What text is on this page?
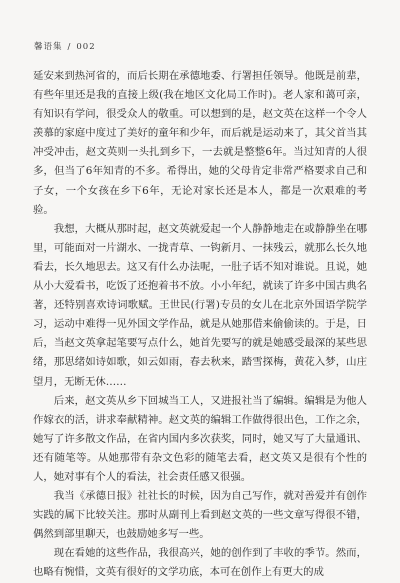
馨语集 / 002

延安来到热河省的，而后长期在承德地委、行署担任领导。他既是前辈，有些年里还是我的直接上级(我在地区文化局工作时)。老人家和蔼可亲，有知识有学问，很受众人的敬重。可以想到的是，赵文英在这样一个令人羡慕的家庭中度过了美好的童年和少年，而后就是运动来了，其父首当其冲受冲击，赵文英则一头扎到乡下，一去就是整整6年。当过知青的人很多，但当了6年知青的不多。希得出，她的父母肯定非常严格要求自己和子女，一个女孩在乡下6年，无论对家长还是本人，都是一次艰难的考验。

我想，大概从那时起，赵文英就爱起一个人静静地走在或静静坐在哪里，可能面对一片湖水、一拢青草、一钩新月、一抹残云，就那么长久地看去，长久地思去。这又有什么办法呢，一肚子话不知对谁说。且说，她从小大爱看书，吃饭了还抱着书不放。小小年纪，就读了许多中国古典名著，还特别喜欢诗词歌赋。王世民(行署)专员的女儿在北京外国语学院学习，运动中难得一见外国文学作品，就是从她那借来偷偷读的。于是，日后，当赵文英拿起笔要写点什么，她首先要写的就是她感受最深的某些思绪，那思绪如诗如歌，如云如雨，春去秋来，踏雪探梅，黄花入梦，山庄望月，无断无休……

后来，赵文英从乡下回城当工人，又进报社当了编辑。编辑是为他人作嫁衣的活，讲求奉献精神。赵文英的编辑工作做得很出色，工作之余，她写了许多散文作品，在省内国内多次获奖，同时，她又写了大量通讯、还有随笔等。从她那带有杂文色彩的随笔去看，赵文英又是很有个性的人，她对事有个人的看法，社会责任感又很强。

我当《承德日报》社社长的时候，因为自己写作，就对善爱并有创作实践的属下比较关注。那时从副刊上看到赵文英的一些文章写得很不错，偶然到部里聊天，也鼓励她多写一些。

现在看她的这些作品，我很高兴，她的创作到了丰收的季节。然而，也略有惋惜，文英有很好的文学功底，本可在创作上有更大的成
